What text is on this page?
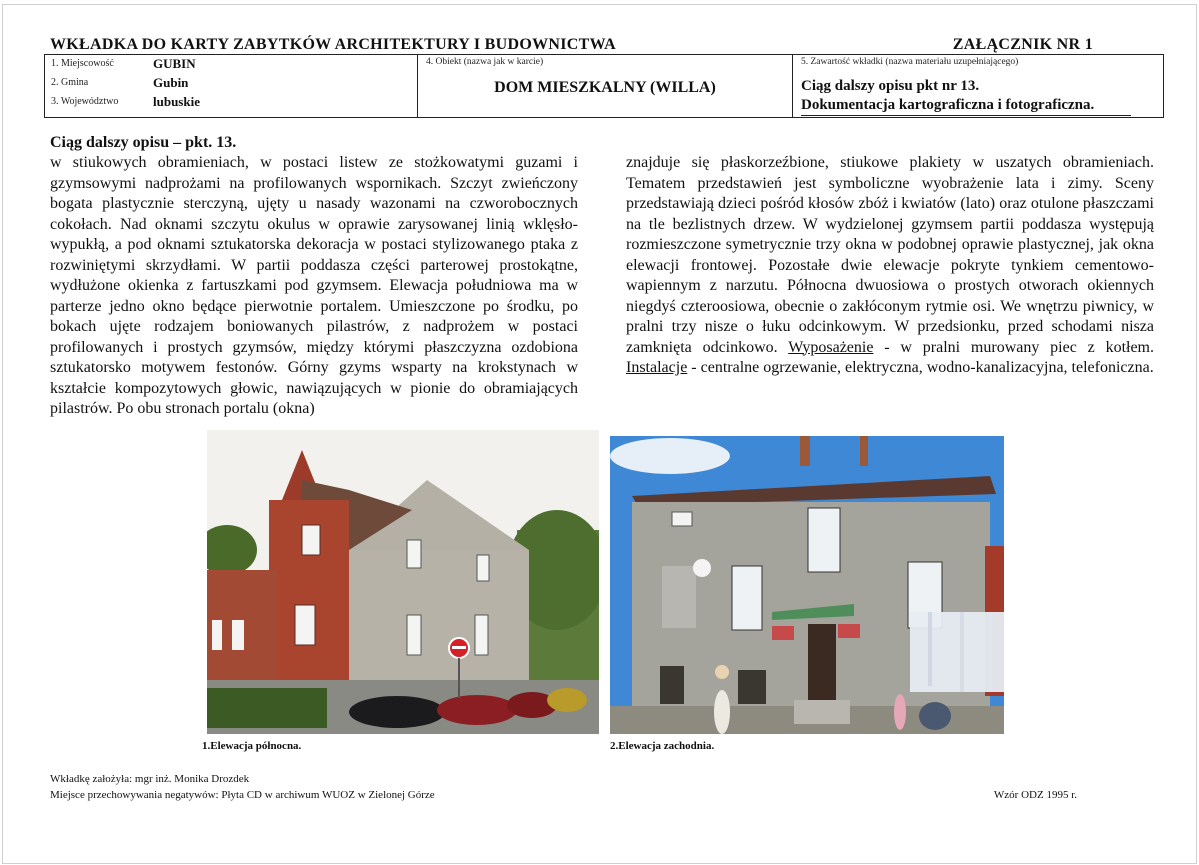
WKŁADKA DO KARTY ZABYTKÓW ARCHITEKTURY I BUDOWNICTWA	ZAŁĄCZNIK NR 1
1. Miejscowość	GUBIN
2. Gmina	Gubin
3. Województwo	lubuskie
4. Obiekt (nazwa jak w karcie)
DOM MIESZKALNY (WILLA)
5. Zawartość wkładki (nazwa materiału uzupełniającego)
Ciąg dalszy opisu pkt nr 13.
Dokumentacja kartograficzna i fotograficzna.
Ciąg dalszy opisu – pkt. 13.
w stiukowych obramieniach, w postaci listew ze stożkowatymi guzami i gzymsowymi nadprożami na profilowanych wspornikach. Szczyt zwieńczony bogata plastycznie sterczyną, ujęty u nasady wazonami na czworobocznych cokołach. Nad oknami szczytu okulus w oprawie zarysowanej linią wklęsło-wypukłą, a pod oknami sztukatorska dekoracja w postaci stylizowanego ptaka z rozwiniętymi skrzydłami. W partii poddasza części parterowej prostokątne, wydłużone okienka z fartuszkami pod gzymsem. Elewacja południowa ma w parterze jedno okno będące pierwotnie portalem. Umieszczone po środku, po bokach ujęte rodzajem boniowanych pilastrów, z nadprożem w postaci profilowanych i prostych gzymsów, między którymi płaszczyzna ozdobiona sztukatorsko motywem festonów. Górny gzyms wsparty na krokstynach w kształcie kompozytowych głowic, nawiązujących w pionie do obramiających pilastrów. Po obu stronach portalu (okna)
znajduje się płaskorzeźbione, stiukowe plakiety w uszatych obramieniach. Tematem przedstawień jest symboliczne wyobrażenie lata i zimy. Sceny przedstawiają dzieci pośród kłosów zbóż i kwiatów (lato) oraz otulone płaszczami na tle bezlistnych drzew. W wydzielonej gzymsem partii poddasza występują rozmieszczone symetrycznie trzy okna w podobnej oprawie plastycznej, jak okna elewacji frontowej. Pozostałe dwie elewacje pokryte tynkiem cementowo-wapiennym z narzutu. Północna dwuosiowa o prostych otworach okiennych niegdyś czteroosiowa, obecnie o zakłóconym rytmie osi. We wnętrzu piwnicy, w pralni trzy nisze o łuku odcinkowym. W przedsionku, przed schodami nisza zamknięta odcinkowo. Wyposażenie - w pralni murowany piec z kotłem. Instalacje - centralne ogrzewanie, elektryczna, wodno-kanalizacyjna, telefoniczna.
1.Elewacja północna.	2.Elewacja zachodnia.
Wkładkę założyła: mgr inż. Monika Drozdek
Miejsce przechowywania negatywów: Płyta CD w archiwum WUOZ w Zielonej Górze	Wzór ODZ 1995 r.
